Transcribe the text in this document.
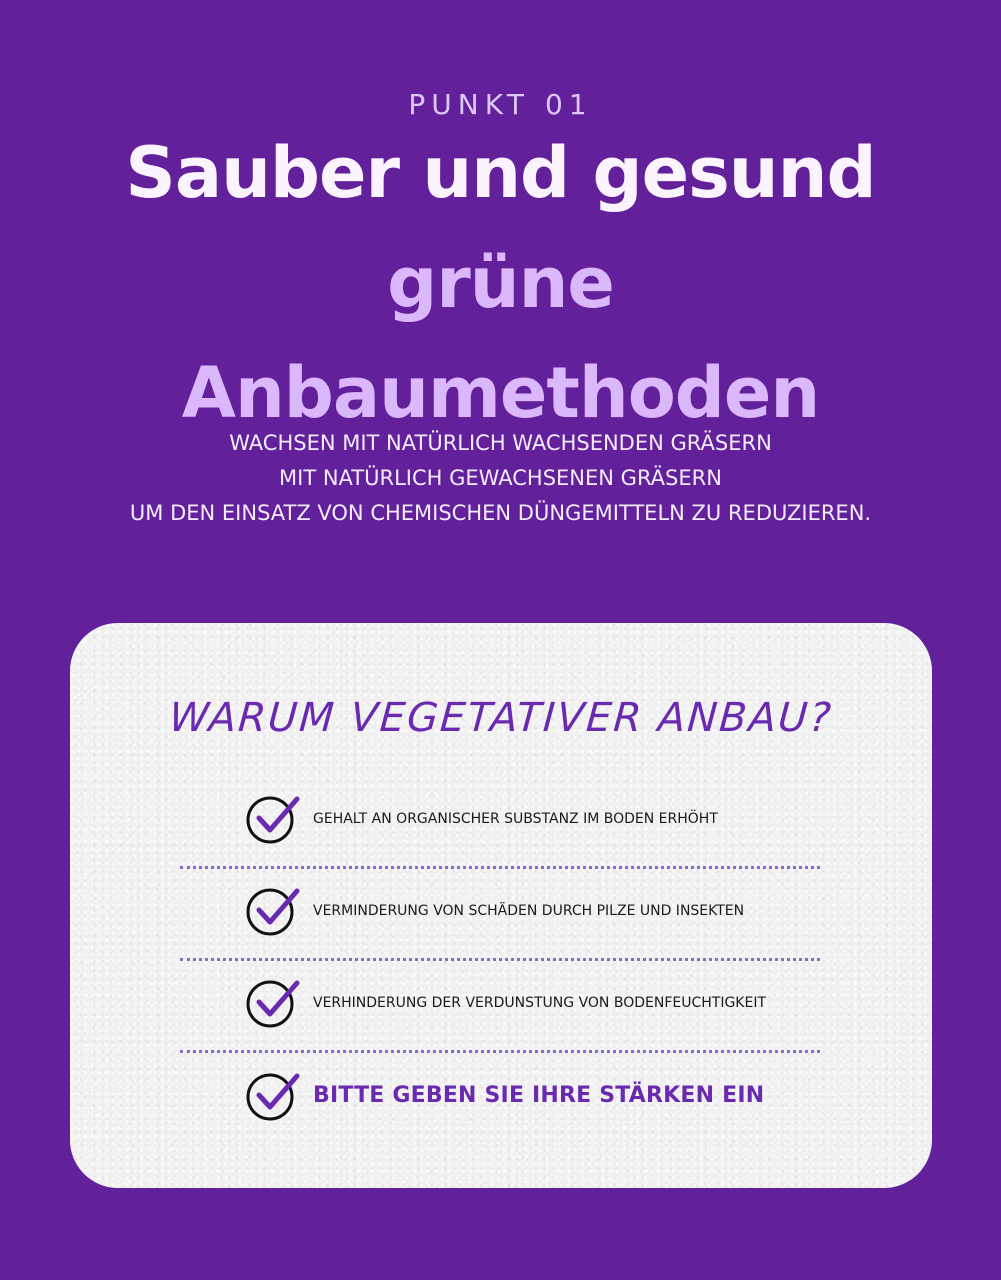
PUNKT 01
Sauber und gesund
grüne
Anbaumethoden
WACHSEN MIT NATÜRLICH WACHSENDEN GRÄSERN
MIT NATÜRLICH GEWACHSENEN GRÄSERN
UM DEN EINSATZ VON CHEMISCHEN DÜNGEMITTELN ZU REDUZIEREN.
WARUM VEGETATIVER ANBAU?
GEHALT AN ORGANISCHER SUBSTANZ IM BODEN ERHÖHT
VERMINDERUNG VON SCHÄDEN DURCH PILZE UND INSEKTEN
VERHINDERUNG DER VERDUNSTUNG VON BODENFEUCHTIGKEIT
BITTE GEBEN SIE IHRE STÄRKEN EIN
